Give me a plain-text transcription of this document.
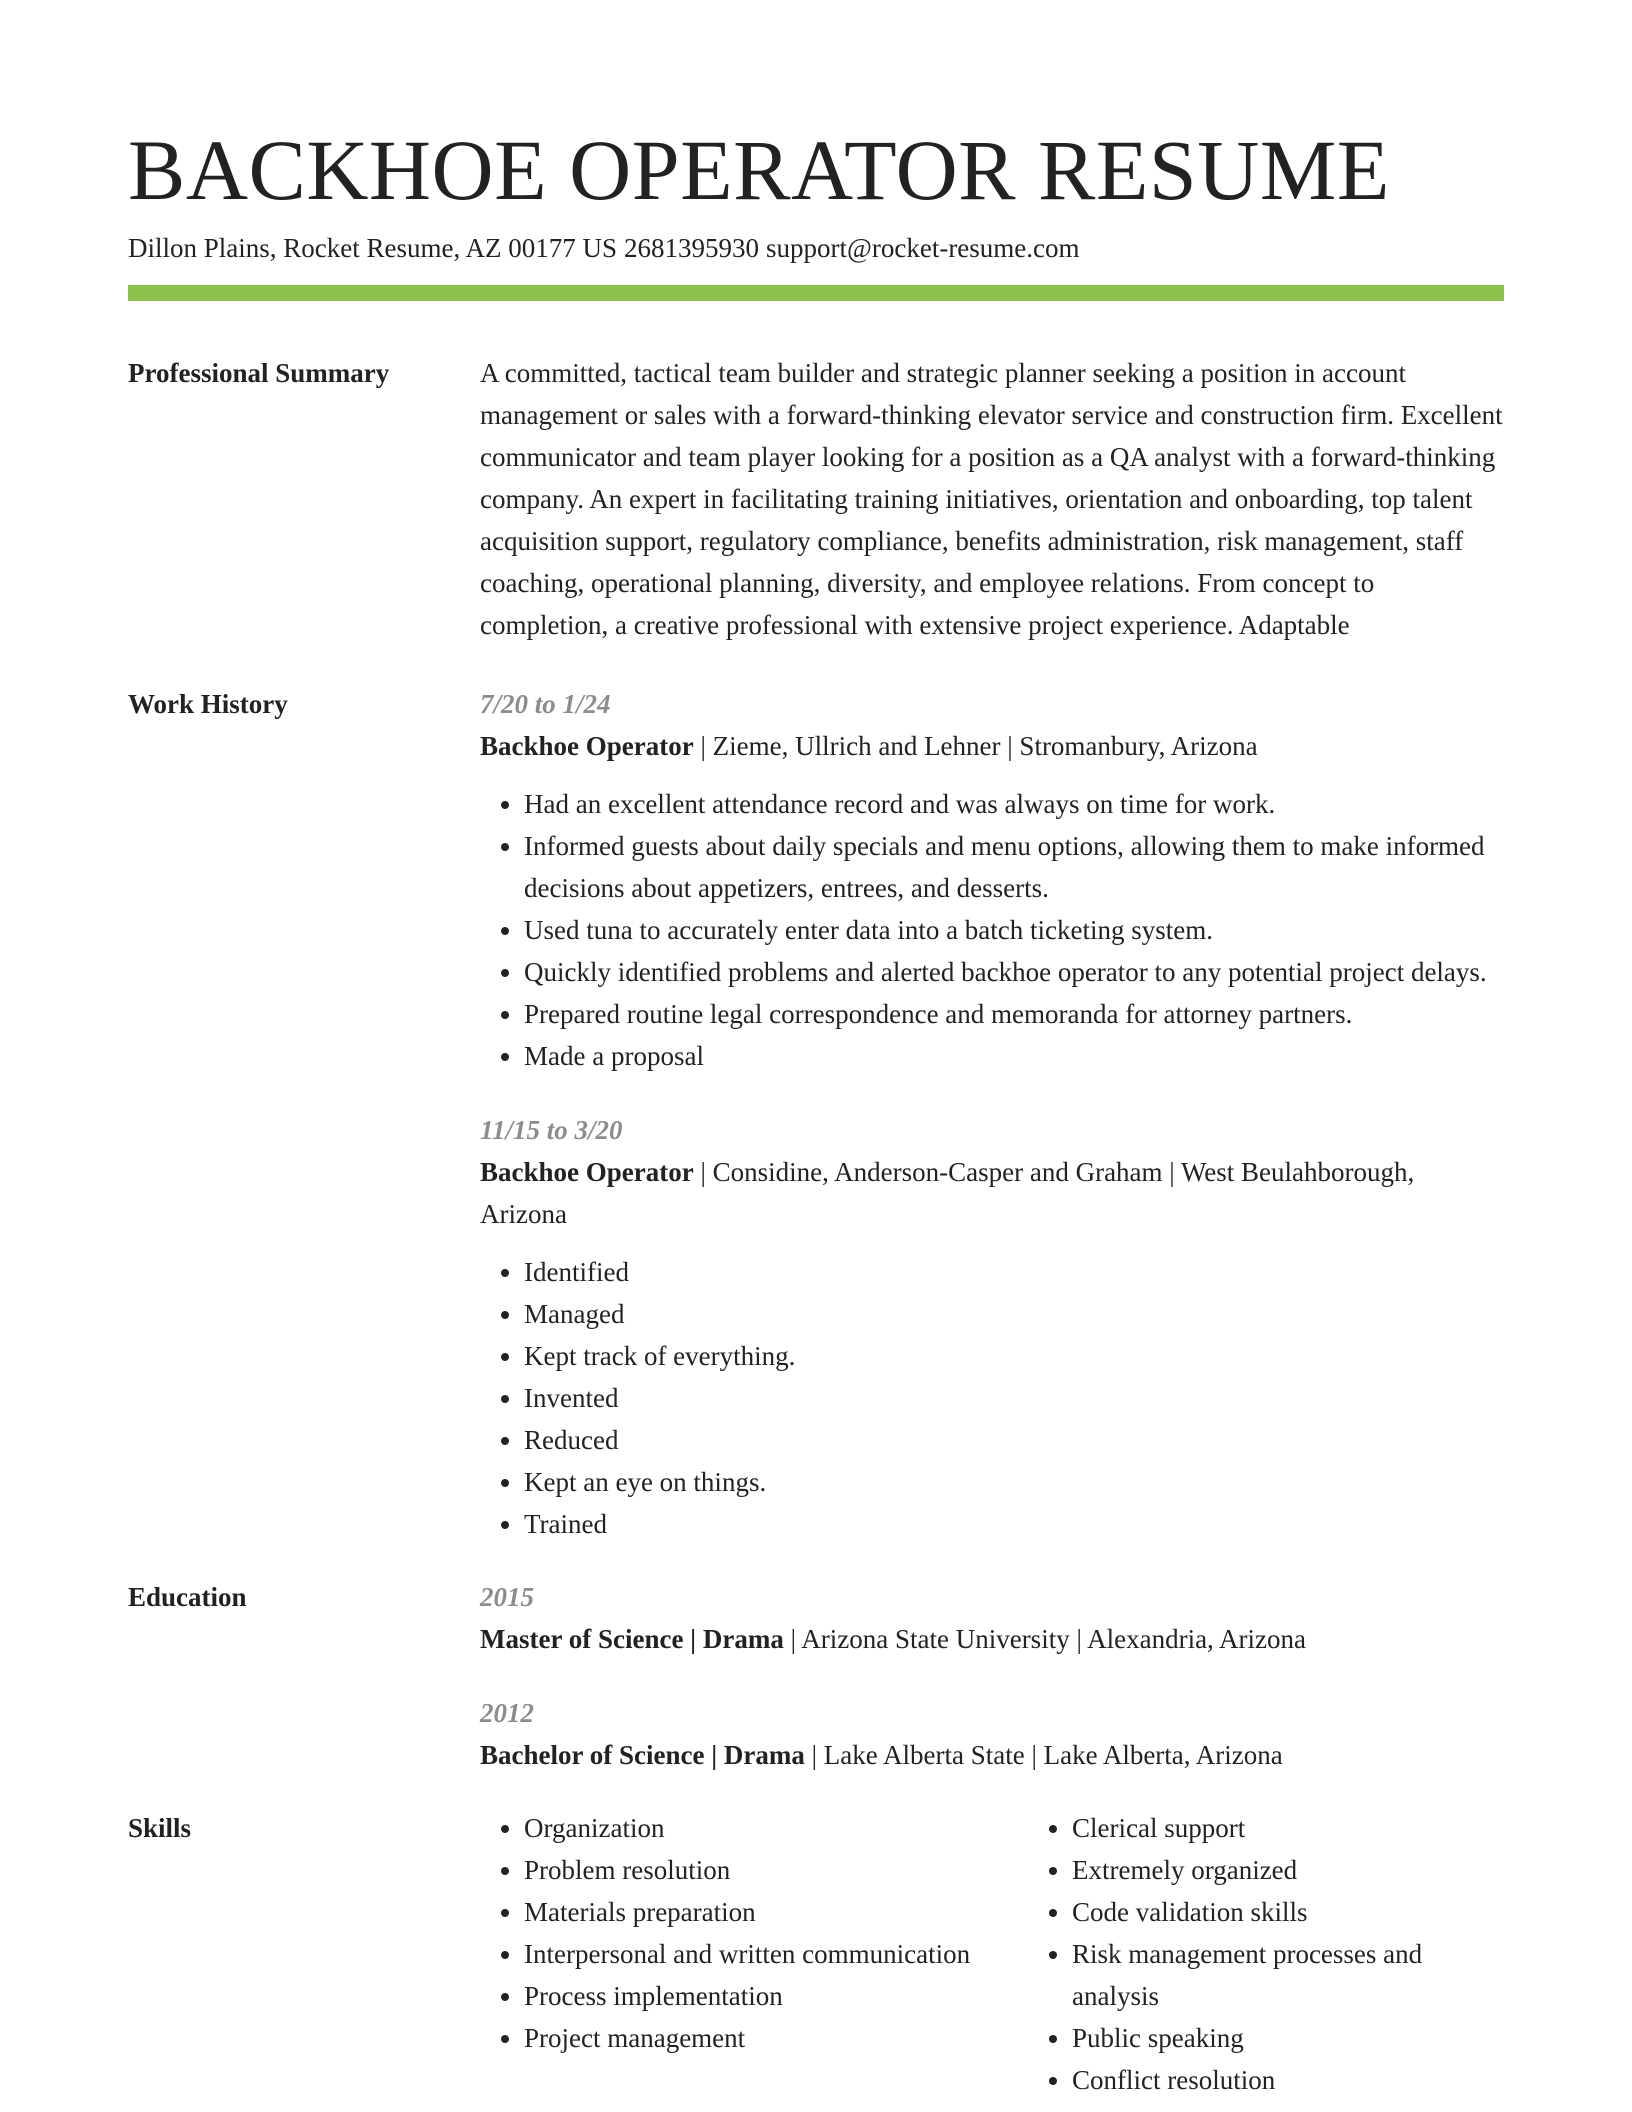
BACKHOE OPERATOR RESUME
Dillon Plains, Rocket Resume, AZ 00177 US 2681395930 support@rocket-resume.com
Professional Summary	A committed, tactical team builder and strategic planner seeking a position in account management or sales with a forward-thinking elevator service and construction firm. Excellent communicator and team player looking for a position as a QA analyst with a forward-thinking company. An expert in facilitating training initiatives, orientation and onboarding, top talent acquisition support, regulatory compliance, benefits administration, risk management, staff coaching, operational planning, diversity, and employee relations. From concept to completion, a creative professional with extensive project experience. Adaptable
Work History	7/20 to 1/24
Backhoe Operator | Zieme, Ullrich and Lehner | Stromanbury, Arizona
• Had an excellent attendance record and was always on time for work.
• Informed guests about daily specials and menu options, allowing them to make informed decisions about appetizers, entrees, and desserts.
• Used tuna to accurately enter data into a batch ticketing system.
• Quickly identified problems and alerted backhoe operator to any potential project delays.
• Prepared routine legal correspondence and memoranda for attorney partners.
• Made a proposal
11/15 to 3/20
Backhoe Operator | Considine, Anderson-Casper and Graham | West Beulahborough, Arizona
• Identified
• Managed
• Kept track of everything.
• Invented
• Reduced
• Kept an eye on things.
• Trained
Education	2015
Master of Science | Drama | Arizona State University | Alexandria, Arizona
2012
Bachelor of Science | Drama | Lake Alberta State | Lake Alberta, Arizona
Skills
•	Organization
• Problem resolution
• Materials preparation
• Interpersonal and written communication
• Process implementation
• Project management
• Clerical support
• Extremely organized
• Code validation skills
• Risk management processes and analysis
• Public speaking
• Conflict resolution
